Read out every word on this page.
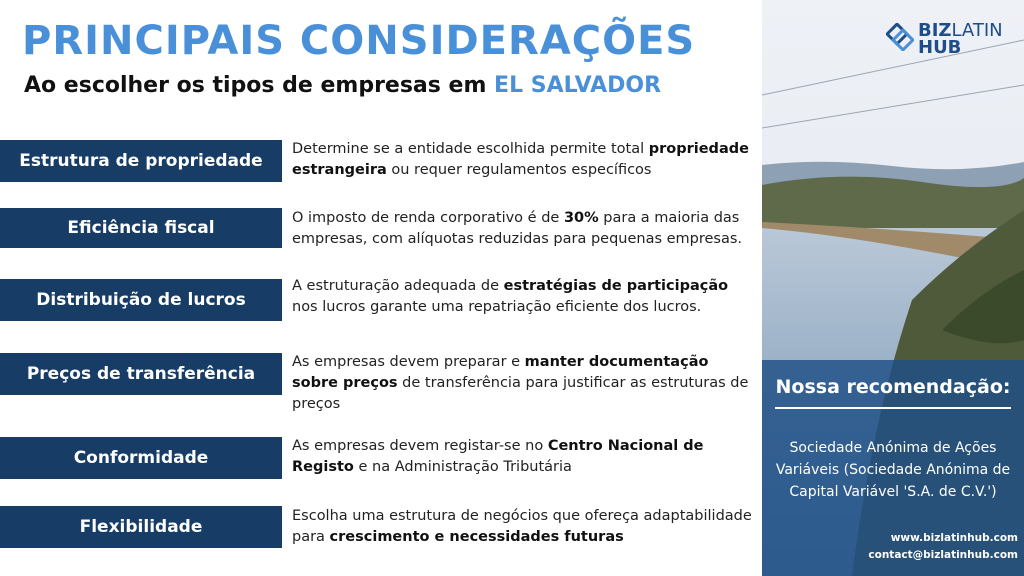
PRINCIPAIS CONSIDERAÇÕES
Ao escolher os tipos de empresas em EL SALVADOR
Estrutura de propriedade
Determine se a entidade escolhida permite total propriedade estrangeira ou requer regulamentos específicos
Eficiência fiscal	O imposto de renda corporativo é de 30% para a maioria das empresas, com alíquotas reduzidas para pequenas empresas.
Distribuição de lucros
A estruturação adequada de estratégias de participação nos lucros garante uma repatriação eficiente dos lucros.
Preços de transferência
As empresas devem preparar e manter documentação sobre preços de transferência para justificar as estruturas de preços
Conformidade
As empresas devem registar-se no Centro Nacional de Registo e na Administração Tributária
Flexibilidade
Escolha uma estrutura de negócios que ofereça adaptabilidade para crescimento e necessidades futuras
BIZLATIN
HUB
Nossa recomendação:
Sociedade Anónima de Ações Variáveis (Sociedade Anónima de Capital Variável 'S.A. de C.V.')
www.bizlatinhub.com
contact@bizlatinhub.com
